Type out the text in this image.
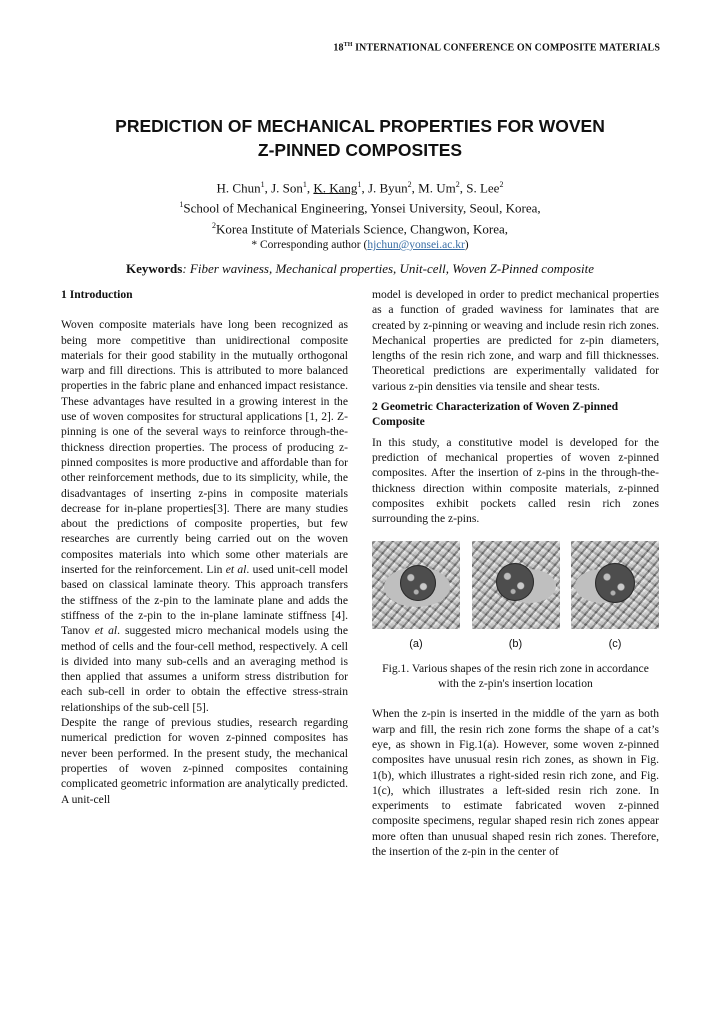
18TH INTERNATIONAL CONFERENCE ON COMPOSITE MATERIALS
PREDICTION OF MECHANICAL PROPERTIES FOR WOVEN
Z-PINNED COMPOSITES
H. Chun$^1$, J. Son$^1$, K. Kang$^1$, J. Byun$^2$, M. Um$^2$, S. Lee$^2$
$^1$School of Mechanical Engineering, Yonsei University, Seoul, Korea,
$^2$Korea Institute of Materials Science, Changwon, Korea,
* Corresponding author (hjchun@yonsei.ac.kr)
Keywords: Fiber waviness, Mechanical properties, Unit-cell, Woven Z-Pinned composite

1 Introduction

Woven composite materials have long been recognized as being more competitive than unidirectional composite materials for their good stability in the mutually orthogonal warp and fill directions. This is attributed to more balanced properties in the fabric plane and enhanced impact resistance. These advantages have resulted in a growing interest in the use of woven composites for structural applications [1, 2]. Z-pinning is one of the several ways to reinforce through-the-thickness direction properties. The process of producing z-pinned composites is more productive and affordable than for other reinforcement methods, due to its simplicity, while, the disadvantages of inserting z-pins in composite materials decrease for in-plane properties[3]. There are many studies about the predictions of composite properties, but few researches are currently being carried out on the woven composites materials into which some other materials are inserted for the reinforcement. Lin et al. used unit-cell model based on classical laminate theory. This approach transfers the stiffness of the z-pin to the laminate plane and adds the stiffness of the z-pin to the in-plane laminate stiffness [4]. Tanov et al. suggested micro mechanical models using the method of cells and the four-cell method, respectively. A cell is divided into many sub-cells and an averaging method is then applied that assumes a uniform stress distribution for each sub-cell in order to obtain the effective stress-strain relationships of the sub-cell [5].

Despite the range of previous studies, research regarding numerical prediction for woven z-pinned composites has never been performed. In the present study, the mechanical properties of woven z-pinned composites containing complicated geometric information are analytically predicted. A unit-cell

model is developed in order to predict mechanical properties as a function of graded waviness for laminates that are created by z-pinning or weaving and include resin rich zones. Mechanical properties are predicted for z-pin diameters, lengths of the resin rich zone, and warp and fill thicknesses. Theoretical predictions are experimentally validated for various z-pin densities via tensile and shear tests.

2 Geometric Characterization of Woven Z-pinned Composite

In this study, a constitutive model is developed for the prediction of mechanical properties of woven z-pinned composites. After the insertion of z-pins in the through-the-thickness direction within composite materials, z-pinned composites exhibit pockets called resin rich zones surrounding the z-pins.

(a)	(b)	(c)
Fig.1. Various shapes of the resin rich zone in accordance with the z-pin's insertion location

When the z-pin is inserted in the middle of the yarn as both warp and fill, the resin rich zone forms the shape of a cat’s eye, as shown in Fig.1(a). However, some woven z-pinned composites have unusual resin rich zones, as shown in Fig. 1(b), which illustrates a right-sided resin rich zone, and Fig. 1(c), which illustrates a left-sided resin rich zone. In experiments to estimate fabricated woven z-pinned composite specimens, regular shaped resin rich zones appear more often than unusual shaped resin rich zones. Therefore, the insertion of the z-pin in the center of
